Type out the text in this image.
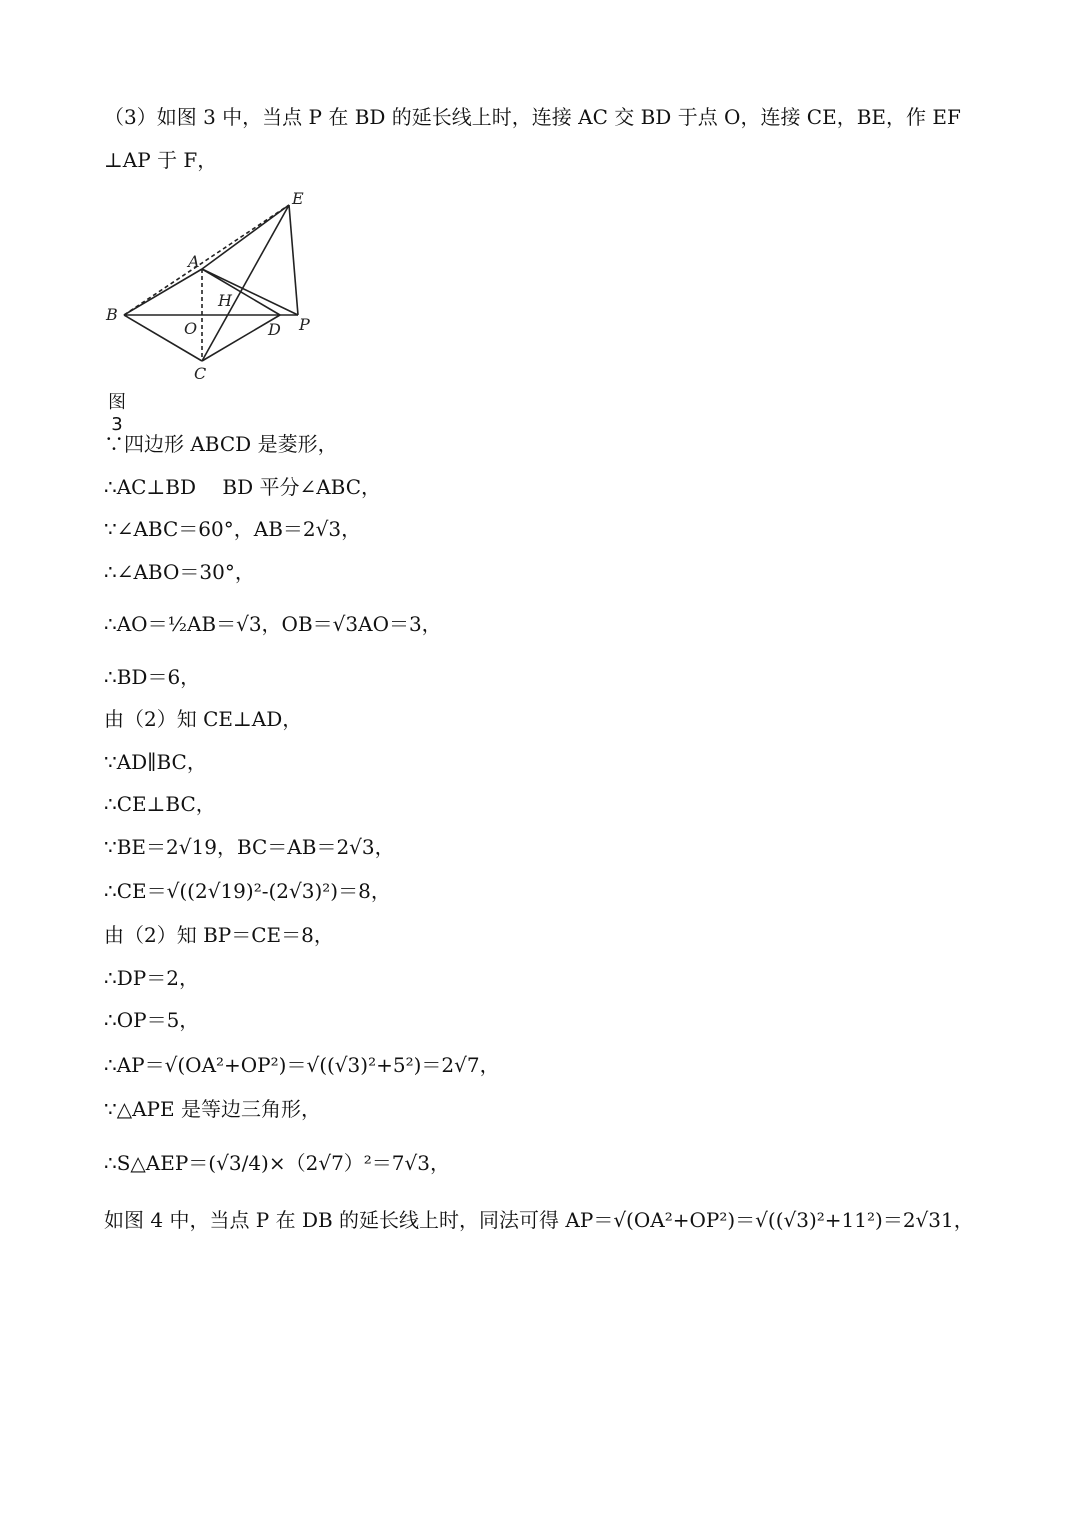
（3）如图 3 中，当点 P 在 BD 的延长线上时，连接 AC 交 BD 于点 O，连接 CE，BE，作 EF
⊥AP 于 F，
E
A
H
B
O	D P
C
图3
∵四边形 ABCD 是菱形，
∴AC⊥BD　 BD 平分∠ABC，
∵∠ABC＝60°，AB＝2√3，
∴∠ABO＝30°，
∴AO＝½AB＝√3，OB＝√3AO＝3，
∴BD＝6，
由（2）知 CE⊥AD，
∵AD∥BC，
∴CE⊥BC，
∵BE＝2√19，BC＝AB＝2√3，
∴CE＝√((2√19)²-(2√3)²)＝8，
由（2）知 BP＝CE＝8，
∴DP＝2，
∴OP＝5，
∴AP＝√(OA²+OP²)＝√((√3)²+5²)＝2√7，
∵△APE 是等边三角形，
∴S△AEP＝(√3/4)×（2√7）²＝7√3，
如图 4 中，当点 P 在 DB 的延长线上时，同法可得 AP＝√(OA²+OP²)＝√((√3)²+11²)＝2√31，
